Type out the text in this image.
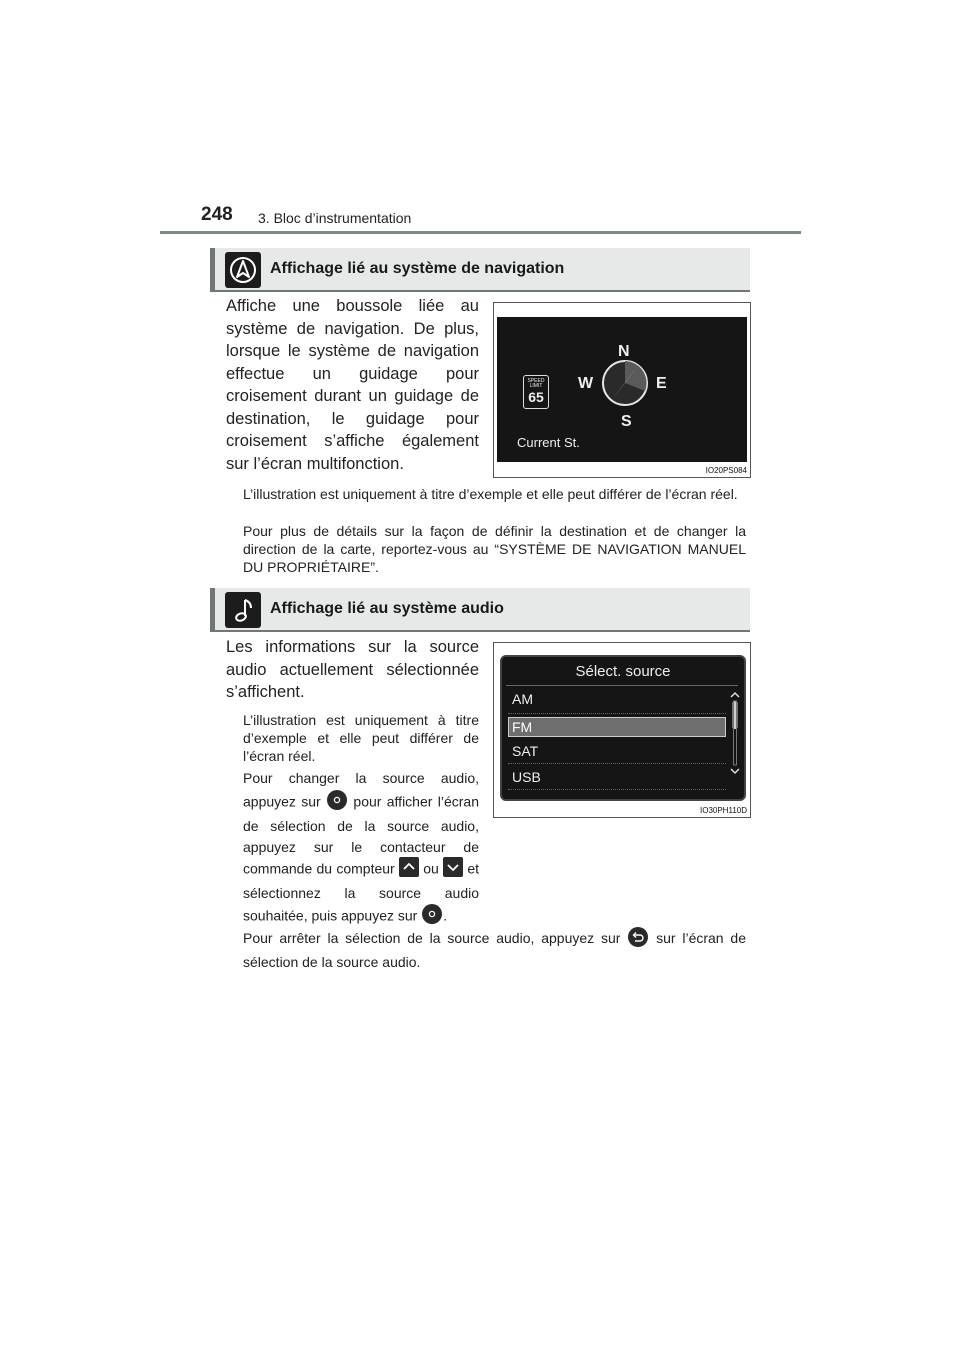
248 3. Bloc d’instrumentation
Affichage lié au système de navigation
Affiche une boussole liée au système de navigation. De plus, lorsque le système de navigation effectue un guidage pour croisement durant un guidage de destination, le guidage pour croisement s’affiche également sur l’écran multifonction.
SPEED
LIMIT
65
N
S
E
W
Current St.
IO20PS084
L’illustration est uniquement à titre d’exemple et elle peut différer de l’écran réel.
Pour plus de détails sur la façon de définir la destination et de changer la direction de la carte, reportez-vous au “SYSTÈME DE NAVIGATION MANUEL DU PROPRIÉTAIRE”.
Affichage lié au système audio
Les informations sur la source audio actuellement sélectionnée s’affichent.
Sélect. source
AM
FM
SAT
USB
IO30PH110D
L’illustration est uniquement à titre d’exemple et elle peut différer de l’écran réel.
Pour changer la source audio, appuyez sur pour afficher l’écran de sélection de la source audio, appuyez sur le contacteur de commande du compteur ou et sélectionnez la source audio souhaitée, puis appuyez sur .
Pour arrêter la sélection de la source audio, appuyez sur	sur l’écran de sélection de la source audio.
